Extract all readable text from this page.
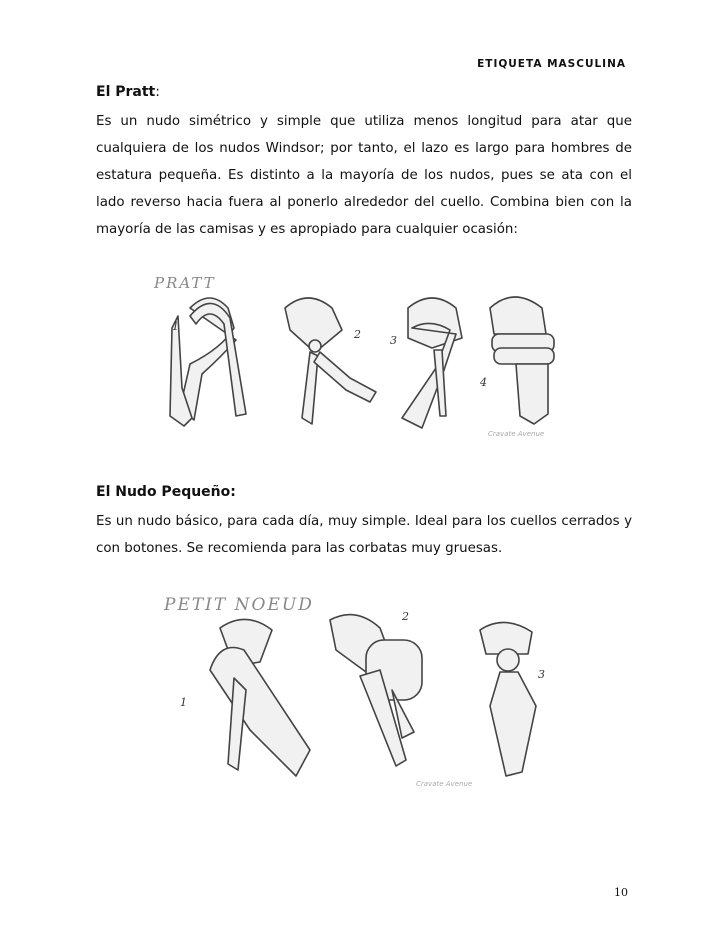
ETIQUETA MASCULINA
El Pratt:

Es un nudo simétrico y simple que utiliza menos longitud para atar que cualquiera de los nudos Windsor; por tanto, el lazo es largo para hombres de estatura pequeña. Es distinto a la mayoría de los nudos, pues se ata con el lado reverso hacia fuera al ponerlo alrededor del cuello. Combina bien con la mayoría de las camisas y es apropiado para cualquier ocasión:

PRATT
1
2	3
4
Cravate Avenue
El Nudo Pequeño:

Es un nudo básico, para cada día, muy simple. Ideal para los cuellos cerrados y con botones. Se recomienda para las corbatas muy gruesas.

PETIT NOEUD
1
2
3
Cravate Avenue
10
